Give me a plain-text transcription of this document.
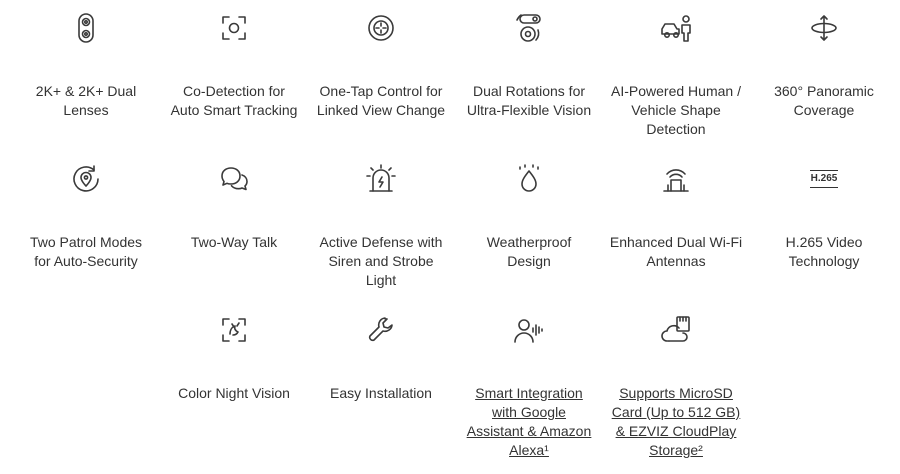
2K+ & 2K+ Dual
Lenses
Co-Detection for
Auto Smart Tracking
One-Tap Control for
Linked View Change
Dual Rotations for
Ultra-Flexible Vision
AI-Powered Human /
Vehicle Shape
Detection
360° Panoramic
Coverage
Two Patrol Modes
for Auto-Security
Two-Way Talk	Active Defense with
Siren and Strobe
Light
Weatherproof
Design
Enhanced Dual Wi-Fi
Antennas
H.265
H.265 Video
Technology
Color Night Vision	Easy Installation	Smart Integration
with Google
Assistant & Amazon
Alexa¹
Supports MicroSD
Card (Up to 512 GB)
& EZVIZ CloudPlay
Storage²
